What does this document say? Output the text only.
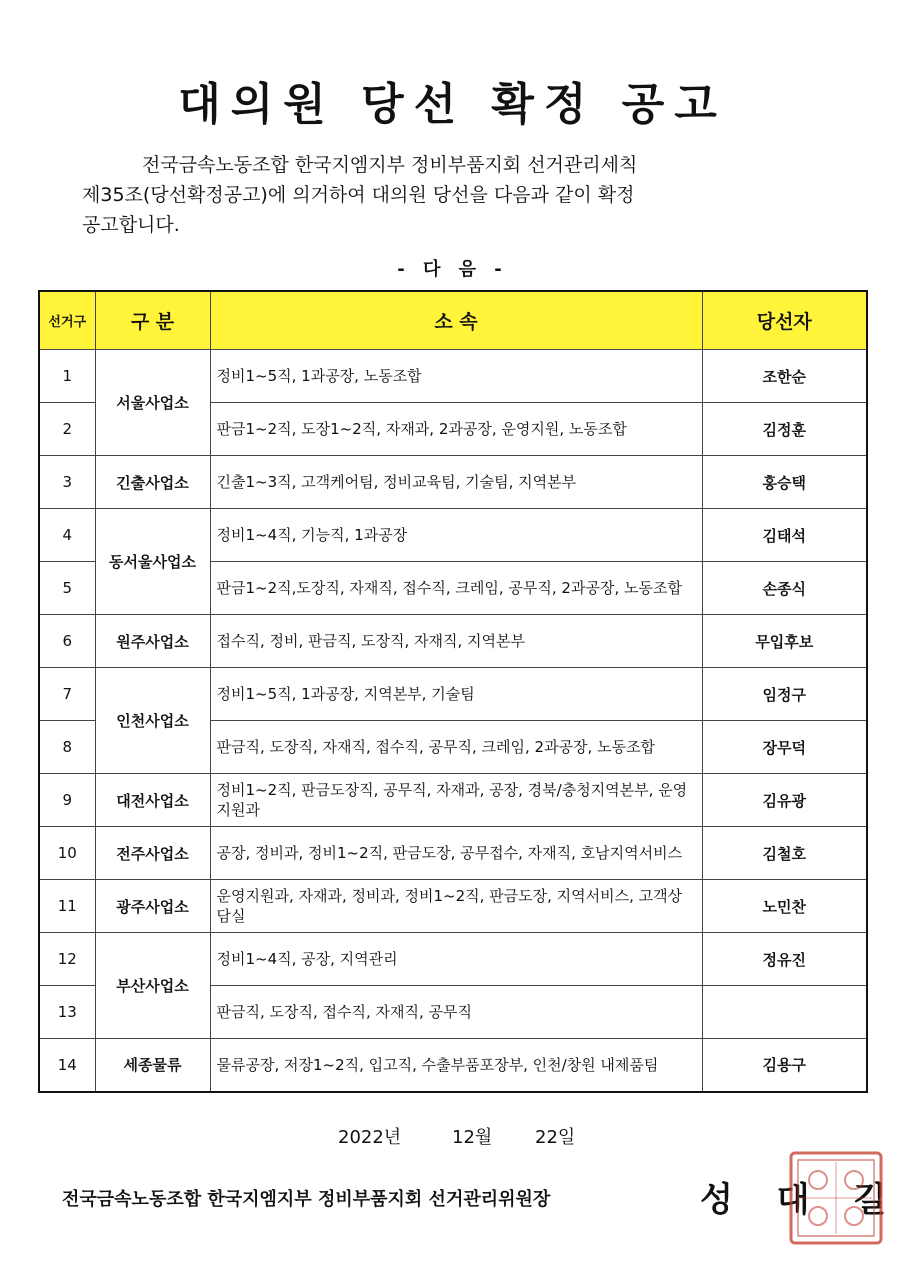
대의원 당선 확정 공고
전국금속노동조합 한국지엠지부 정비부품지회 선거관리세칙
제35조(당선확정공고)에 의거하여 대의원 당선을 다음과 같이 확정
공고합니다.
- 다 음 -
선거구	구 분	소 속	당선자
1	서울사업소	정비1~5직, 1과공장, 노동조합	조한순
2		판금1~2직, 도장1~2직, 자재과, 2과공장, 운영지원, 노동조합	김정훈
3	긴출사업소	긴출1~3직, 고객케어팀, 정비교육팀, 기술팀, 지역본부	홍승택
4	동서울사업소	정비1~4직, 기능직, 1과공장	김태석
5		판금1~2직,도장직, 자재직, 접수직, 크레임, 공무직, 2과공장, 노동조합	손종식
6	원주사업소	접수직, 정비, 판금직, 도장직, 자재직, 지역본부	무입후보
7	인천사업소	정비1~5직, 1과공장, 지역본부, 기술팀	임정구
8		판금직, 도장직, 자재직, 접수직, 공무직, 크레임, 2과공장, 노동조합	장무덕
9	대전사업소	정비1~2직, 판금도장직, 공무직, 자재과, 공장, 경북/충청지역본부, 운영지원과	김유광
10	전주사업소	공장, 정비과, 정비1~2직, 판금도장, 공무접수, 자재직, 호남지역서비스	김철호
11	광주사업소	운영지원과, 자재과, 정비과, 정비1~2직, 판금도장, 지역서비스, 고객상담실	노민찬
12	부산사업소	정비1~4직, 공장, 지역관리	정유진
13		판금직, 도장직, 접수직, 자재직, 공무직	
14	세종물류	물류공장, 저장1~2직, 입고직, 수출부품포장부, 인천/창원 내제품팀	김용구
2022년	12월 22일
전국금속노동조합 한국지엠지부 정비부품지회 선거관리위원장	성 대 길
